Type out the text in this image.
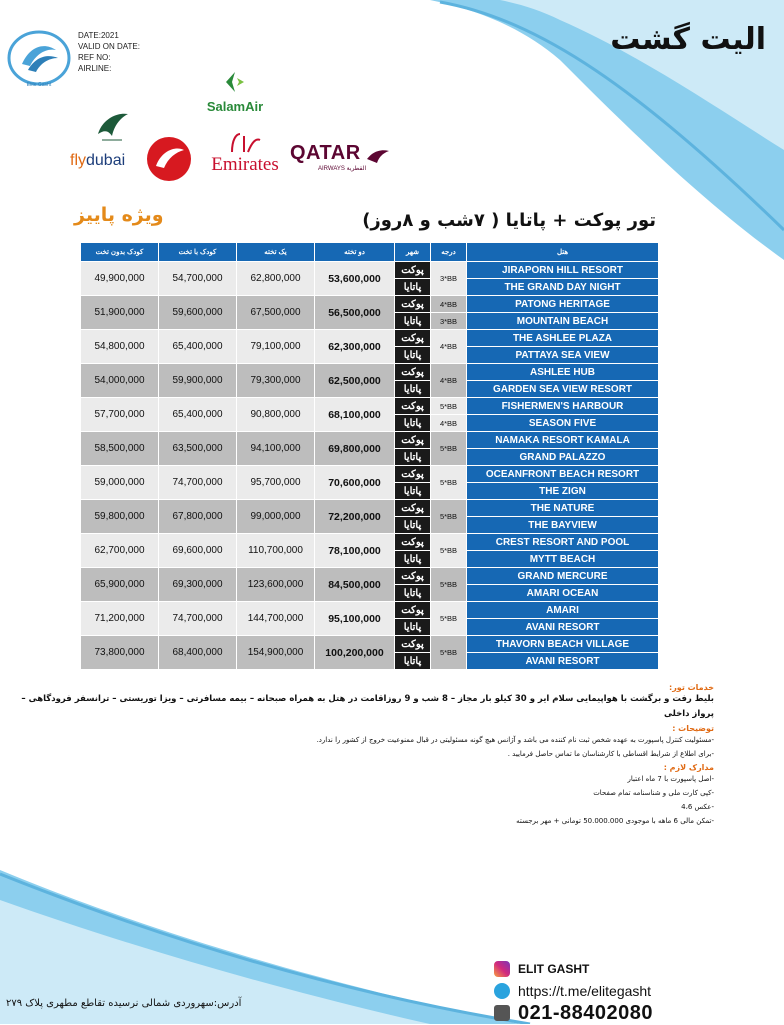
الیت گشت
Elite Gasht
DATE:2021
VALID ON DATE:
REF NO:
AIRLINE:
SalamAir
flydubai	Emirates
QATAR
AIRWAYS القطرية
ویژه پاییز	تور پوکت + پاتایا ( ۷شب و ۸روز)
کودک بدون تخت	کودک با تخت	یک تخته	دو تخته	شهر	درجه	هتل
49,900,000	54,700,000	62,800,000	53,600,000	پوکت	3*BB	JIRAPORN HILL RESORT
				پاتایا		THE GRAND DAY NIGHT
51,900,000	59,600,000	67,500,000	56,500,000	پوکت	4*BB	PATONG HERITAGE
				پاتایا	3*BB	MOUNTAIN BEACH
54,800,000	65,400,000	79,100,000	62,300,000	پوکت	4*BB	THE ASHLEE PLAZA
				پاتایا		PATTAYA SEA VIEW
54,000,000	59,900,000	79,300,000	62,500,000	پوکت	4*BB	ASHLEE HUB
				پاتایا		GARDEN SEA VIEW RESORT
57,700,000	65,400,000	90,800,000	68,100,000	پوکت	5*BB	FISHERMEN'S HARBOUR
				پاتایا	4*BB	SEASON FIVE
58,500,000	63,500,000	94,100,000	69,800,000	پوکت	5*BB	NAMAKA RESORT KAMALA
				پاتایا		GRAND PALAZZO
59,000,000	74,700,000	95,700,000	70,600,000	پوکت	5*BB	OCEANFRONT BEACH RESORT
				پاتایا		THE ZIGN
59,800,000	67,800,000	99,000,000	72,200,000	پوکت	5*BB	THE NATURE
				پاتایا		THE BAYVIEW
62,700,000	69,600,000	110,700,000	78,100,000	پوکت	5*BB	CREST RESORT AND POOL
				پاتایا		MYTT BEACH
65,900,000	69,300,000	123,600,000	84,500,000	پوکت	5*BB	GRAND MERCURE
				پاتایا		AMARI OCEAN
71,200,000	74,700,000	144,700,000	95,100,000	پوکت	5*BB	AMARI
				پاتایا		AVANI RESORT
73,800,000	68,400,000	154,900,000	100,200,000	پوکت	5*BB	THAVORN BEACH VILLAGE
				پاتایا		AVANI RESORT
خدمات تور:
بلیط رفت و برگشت با هواپیمایی سلام ایر و 30 کیلو بار مجاز – 8 شب و 9 روزاقامت در هتل به همراه صبحانه – بیمه مسافرتی – ویزا توریستی – ترانسفر فرودگاهی – پرواز داخلی
توضیحات :
-مسئولیت کنترل پاسپورت به عهده شخص ثبت نام کننده می باشد و آژانس هیچ گونه مسئولیتی در قبال ممنوعیت خروج از کشور را ندارد.
-برای اطلاع از شرایط اقساطی با کارشناسان ما تماس حاصل فرمایید .
مدارک لازم :
-اصل پاسپورت با 7 ماه اعتبار
-کپی کارت ملی و شناسنامه تمام صفحات
-عکس 4،6
-تمکن مالی 6 ماهه با موجودی 50.000.000 تومانی + مهر برجسته
ELIT GASHT
https://t.me/elitegasht
021-88402080
آدرس:سهروردی شمالی نرسیده تقاطع مطهری پلاک ۲۷۹
